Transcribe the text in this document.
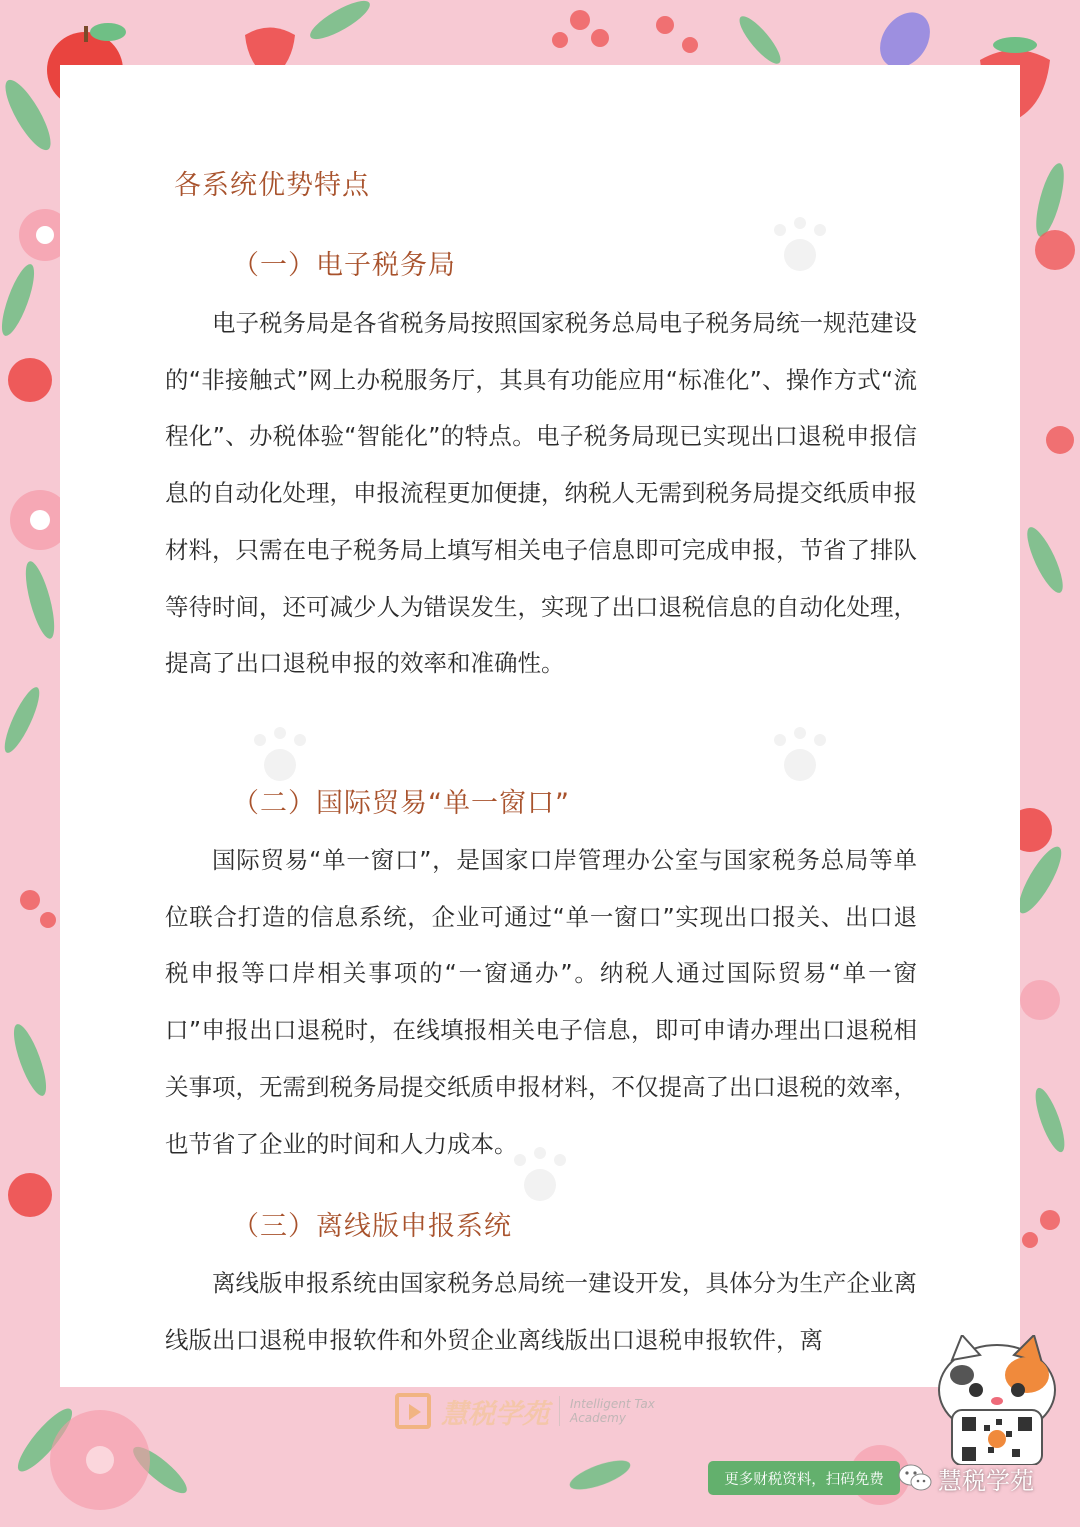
各系统优势特点
（一）电子税务局

电子税务局是各省税务局按照国家税务总局电子税务局统一规范建设的“非接触式”网上办税服务厅，其具有功能应用“标准化”、操作方式“流程化”、办税体验“智能化”的特点。电子税务局现已实现出口退税申报信息的自动化处理，申报流程更加便捷，纳税人无需到税务局提交纸质申报材料，只需在电子税务局上填写相关电子信息即可完成申报，节省了排队等待时间，还可减少人为错误发生，实现了出口退税信息的自动化处理，提高了出口退税申报的效率和准确性。

（二）国际贸易“单一窗口”

国际贸易“单一窗口”，是国家口岸管理办公室与国家税务总局等单位联合打造的信息系统，企业可通过“单一窗口”实现出口报关、出口退税申报等口岸相关事项的“一窗通办”。纳税人通过国际贸易“单一窗口”申报出口退税时，在线填报相关电子信息，即可申请办理出口退税相关事项，无需到税务局提交纸质申报材料，不仅提高了出口退税的效率，也节省了企业的时间和人力成本。

（三）离线版申报系统

离线版申报系统由国家税务总局统一建设开发，具体分为生产企业离线版出口退税申报软件和外贸企业离线版出口退税申报软件，离

慧税学苑 Intelligent Tax
Academy
更多财税资料，扫码免费	慧税学苑
